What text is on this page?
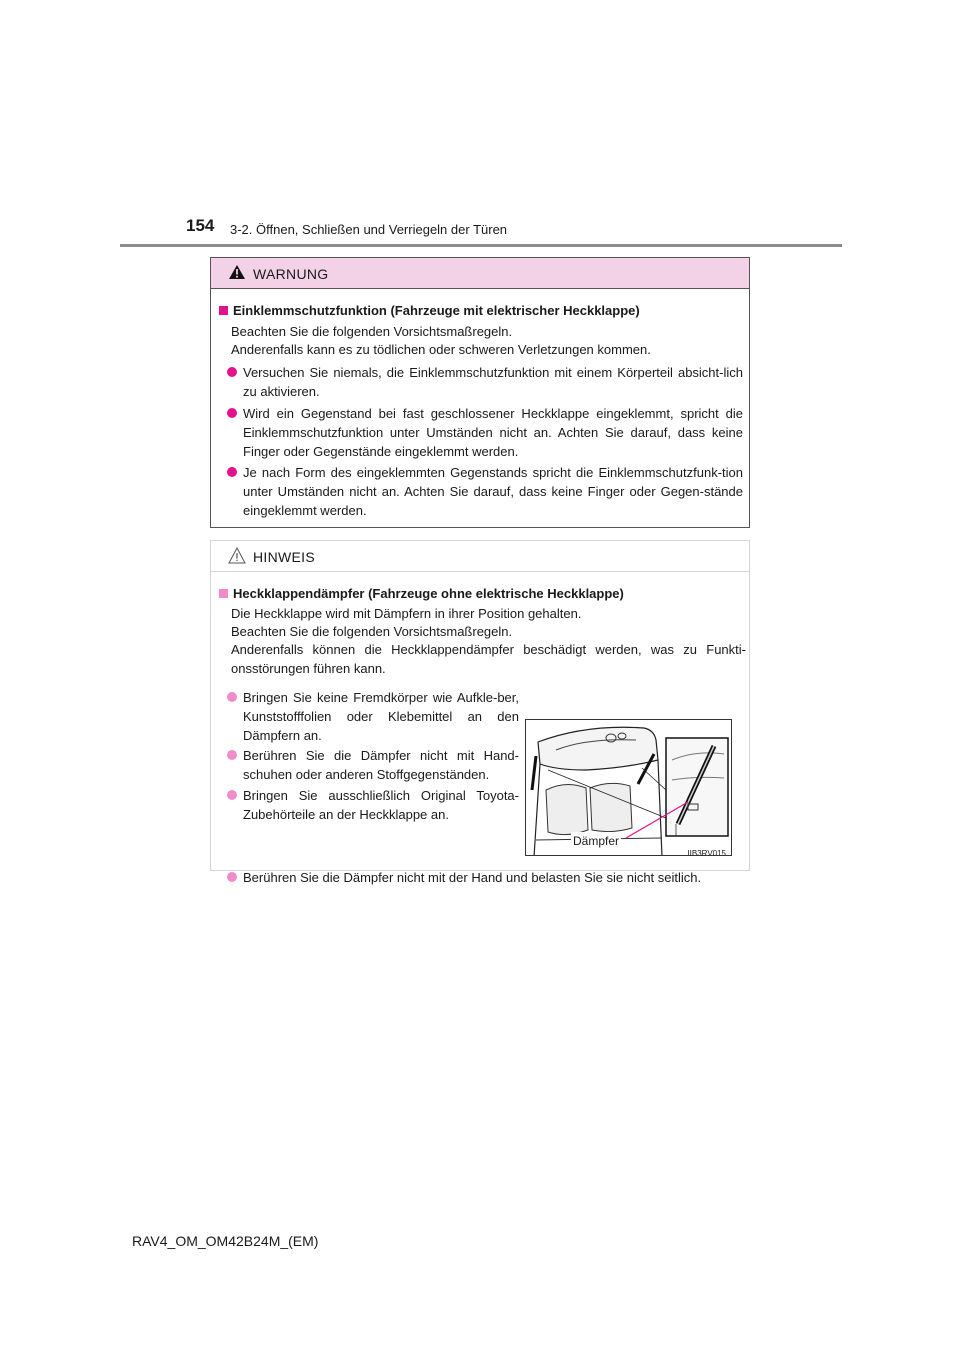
154 3-2. Öffnen, Schließen und Verriegeln der Türen
WARNUNG
Einklemmschutzfunktion (Fahrzeuge mit elektrischer Heckklappe)
Beachten Sie die folgenden Vorsichtsmaßregeln.
Anderenfalls kann es zu tödlichen oder schweren Verletzungen kommen.
Versuchen Sie niemals, die Einklemmschutzfunktion mit einem Körperteil absicht-lich zu aktivieren.
Wird ein Gegenstand bei fast geschlossener Heckklappe eingeklemmt, spricht die Einklemmschutzfunktion unter Umständen nicht an. Achten Sie darauf, dass keine Finger oder Gegenstände eingeklemmt werden.
Je nach Form des eingeklemmten Gegenstands spricht die Einklemmschutzfunk-tion unter Umständen nicht an. Achten Sie darauf, dass keine Finger oder Gegen-stände eingeklemmt werden.
HINWEIS
Heckklappendämpfer (Fahrzeuge ohne elektrische Heckklappe)
Die Heckklappe wird mit Dämpfern in ihrer Position gehalten.
Beachten Sie die folgenden Vorsichtsmaßregeln.
Anderenfalls können die Heckklappendämpfer beschädigt werden, was zu Funkti-onsstörungen führen kann.
Bringen Sie keine Fremdkörper wie Aufkle-ber, Kunststofffolien oder Klebemittel an den Dämpfern an.
Berühren Sie die Dämpfer nicht mit Hand-schuhen oder anderen Stoffgegenständen.
Bringen Sie ausschließlich Original Toyota-Zubehörteile an der Heckklappe an.
Dämpfer
IIB3RV015
Berühren Sie die Dämpfer nicht mit der Hand und belasten Sie sie nicht seitlich.
RAV4_OM_OM42B24M_(EM)
